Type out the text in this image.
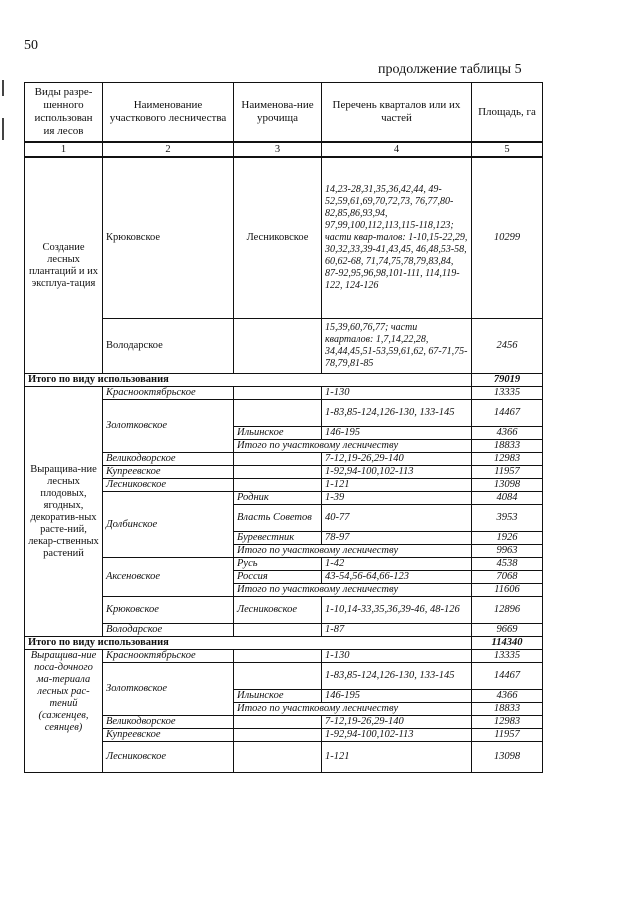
50
продолжение таблицы 5
Виды разре-шенного использован ия лесов	Наименование участкового лесничества	Наименова-ние урочища	Перечень кварталов или их частей	Площадь, га
1	2	3	4	5
Создание лесных плантаций и их эксплуа-тация	Крюковское	Лесниковское	14,23-28,31,35,36,42,44, 49-52,59,61,69,70,72,73, 76,77,80-82,85,86,93,94, 97,99,100,112,113,115-118,123; части квар-талов: 1-10,15-22,29, 30,32,33,39-41,43,45, 46,48,53-58, 60,62-68, 71,74,75,78,79,83,84, 87-92,95,96,98,101-111, 114,119-122, 124-126	10299
	Володарское		15,39,60,76,77; части кварталов: 1,7,14,22,28, 34,44,45,51-53,59,61,62, 67-71,75-78,79,81-85	2456
Итого по виду использования				79019
Выращива-ние лесных плодовых, ягодных, декоратив-ных расте-ний, лекар-ственных растений	Краснооктябрьское		1-130	13335
	Золотковское		1-83,85-124,126-130, 133-145	14467
		Ильинское	146-195	4366
		Итого по участковому лесничеству		18833
	Великодворское		7-12,19-26,29-140	12983
	Купреевское		1-92,94-100,102-113	11957
	Лесниковское		1-121	13098
	Долбинское	Родник	1-39	4084
		Власть Советов	40-77	3953
		Буревестник	78-97	1926
		Итого по участковому лесничеству		9963
	Аксеновское	Русь	1-42	4538
		Россия	43-54,56-64,66-123	7068
		Итого по участковому лесничеству		11606
	Крюковское	Лесниковское	1-10,14-33,35,36,39-46, 48-126	12896
	Володарское		1-87	9669
Итого по виду использования				114340
Выращива-ние поса-дочного ма-териала лесных рас-тений (саженцев, сеянцев)	Краснооктябрьское		1-130	13335
	Золотковское		1-83,85-124,126-130, 133-145	14467
		Ильинское	146-195	4366
		Итого по участковому лесничеству		18833
	Великодворское		7-12,19-26,29-140	12983
	Купреевское		1-92,94-100,102-113	11957
	Лесниковское		1-121	13098
